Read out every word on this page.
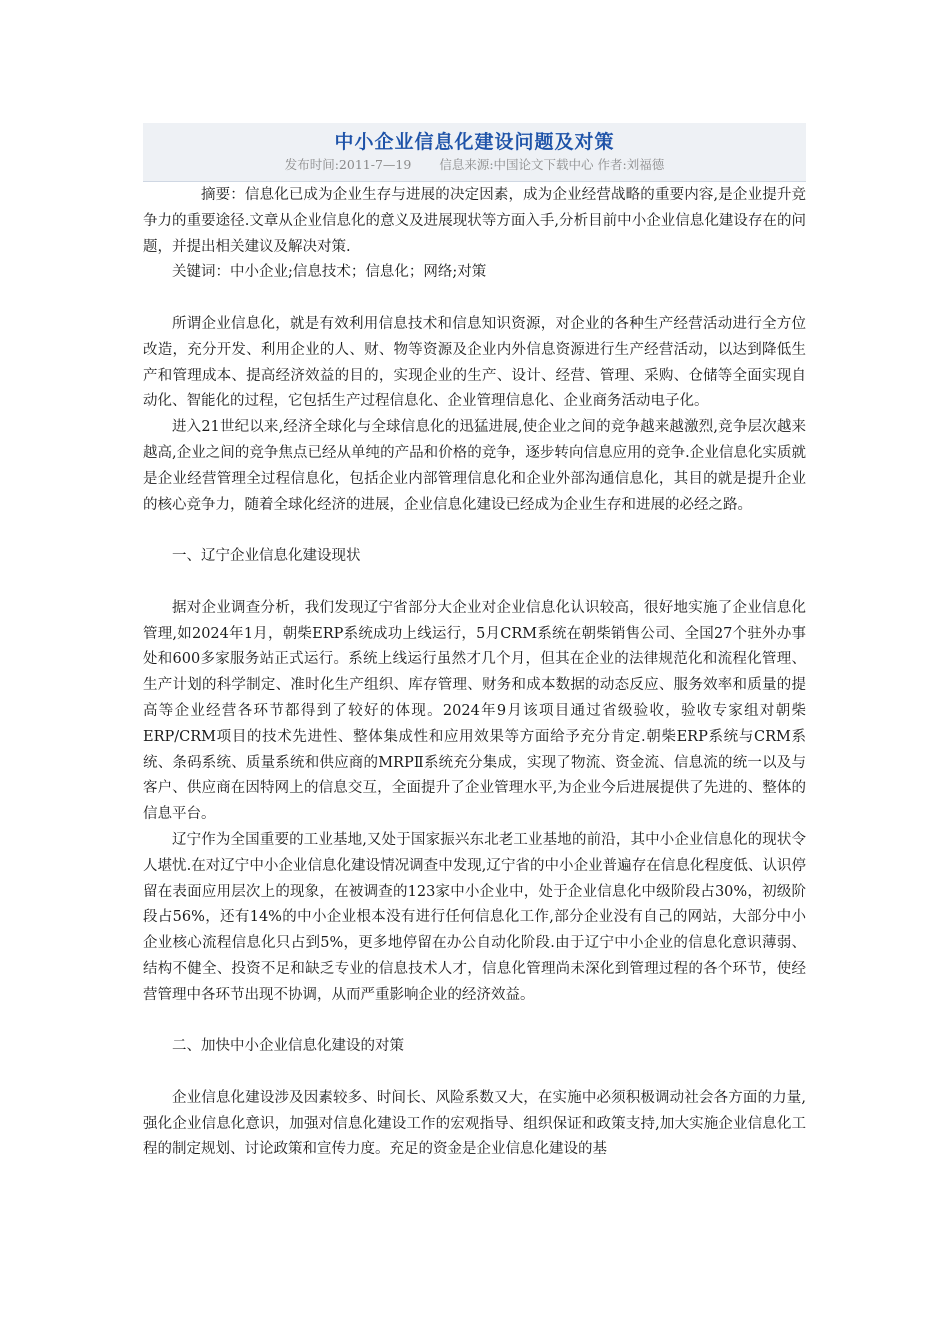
中小企业信息化建设问题及对策
发布时间:2011-7—19 信息来源:中国论文下载中心 作者:刘福德

摘要：信息化已成为企业生存与进展的决定因素，成为企业经营战略的重要内容,是企业提升竞争力的重要途径.文章从企业信息化的意义及进展现状等方面入手,分析目前中小企业信息化建设存在的问题，并提出相关建议及解决对策.

关键词：中小企业;信息技术；信息化；网络;对策

所谓企业信息化，就是有效利用信息技术和信息知识资源，对企业的各种生产经营活动进行全方位改造，充分开发、利用企业的人、财、物等资源及企业内外信息资源进行生产经营活动，以达到降低生产和管理成本、提高经济效益的目的，实现企业的生产、设计、经营、管理、采购、仓储等全面实现自动化、智能化的过程，它包括生产过程信息化、企业管理信息化、企业商务活动电子化。

进入21世纪以来,经济全球化与全球信息化的迅猛进展,使企业之间的竞争越来越激烈,竞争层次越来越高,企业之间的竞争焦点已经从单纯的产品和价格的竞争，逐步转向信息应用的竞争.企业信息化实质就是企业经营管理全过程信息化，包括企业内部管理信息化和企业外部沟通信息化，其目的就是提升企业的核心竞争力，随着全球化经济的进展，企业信息化建设已经成为企业生存和进展的必经之路。

一、辽宁企业信息化建设现状

据对企业调查分析，我们发现辽宁省部分大企业对企业信息化认识较高，很好地实施了企业信息化管理,如2024年1月，朝柴ERP系统成功上线运行，5月CRM系统在朝柴销售公司、全国27个驻外办事处和600多家服务站正式运行。系统上线运行虽然才几个月，但其在企业的法律规范化和流程化管理、生产计划的科学制定、准时化生产组织、库存管理、财务和成本数据的动态反应、服务效率和质量的提高等企业经营各环节都得到了较好的体现。2024年9月该项目通过省级验收，验收专家组对朝柴ERP/CRM项目的技术先进性、整体集成性和应用效果等方面给予充分肯定.朝柴ERP系统与CRM系统、条码系统、质量系统和供应商的MRPⅡ系统充分集成，实现了物流、资金流、信息流的统一以及与客户、供应商在因特网上的信息交互，全面提升了企业管理水平,为企业今后进展提供了先进的、整体的信息平台。

辽宁作为全国重要的工业基地,又处于国家振兴东北老工业基地的前沿，其中小企业信息化的现状令人堪忧.在对辽宁中小企业信息化建设情况调查中发现,辽宁省的中小企业普遍存在信息化程度低、认识停留在表面应用层次上的现象，在被调查的123家中小企业中，处于企业信息化中级阶段占30%，初级阶段占56%，还有14%的中小企业根本没有进行任何信息化工作,部分企业没有自己的网站，大部分中小企业核心流程信息化只占到5%，更多地停留在办公自动化阶段.由于辽宁中小企业的信息化意识薄弱、结构不健全、投资不足和缺乏专业的信息技术人才，信息化管理尚未深化到管理过程的各个环节，使经营管理中各环节出现不协调，从而严重影响企业的经济效益。

二、加快中小企业信息化建设的对策

企业信息化建设涉及因素较多、时间长、风险系数又大，在实施中必须积极调动社会各方面的力量,强化企业信息化意识，加强对信息化建设工作的宏观指导、组织保证和政策支持,加大实施企业信息化工程的制定规划、讨论政策和宣传力度。充足的资金是企业信息化建设的基
